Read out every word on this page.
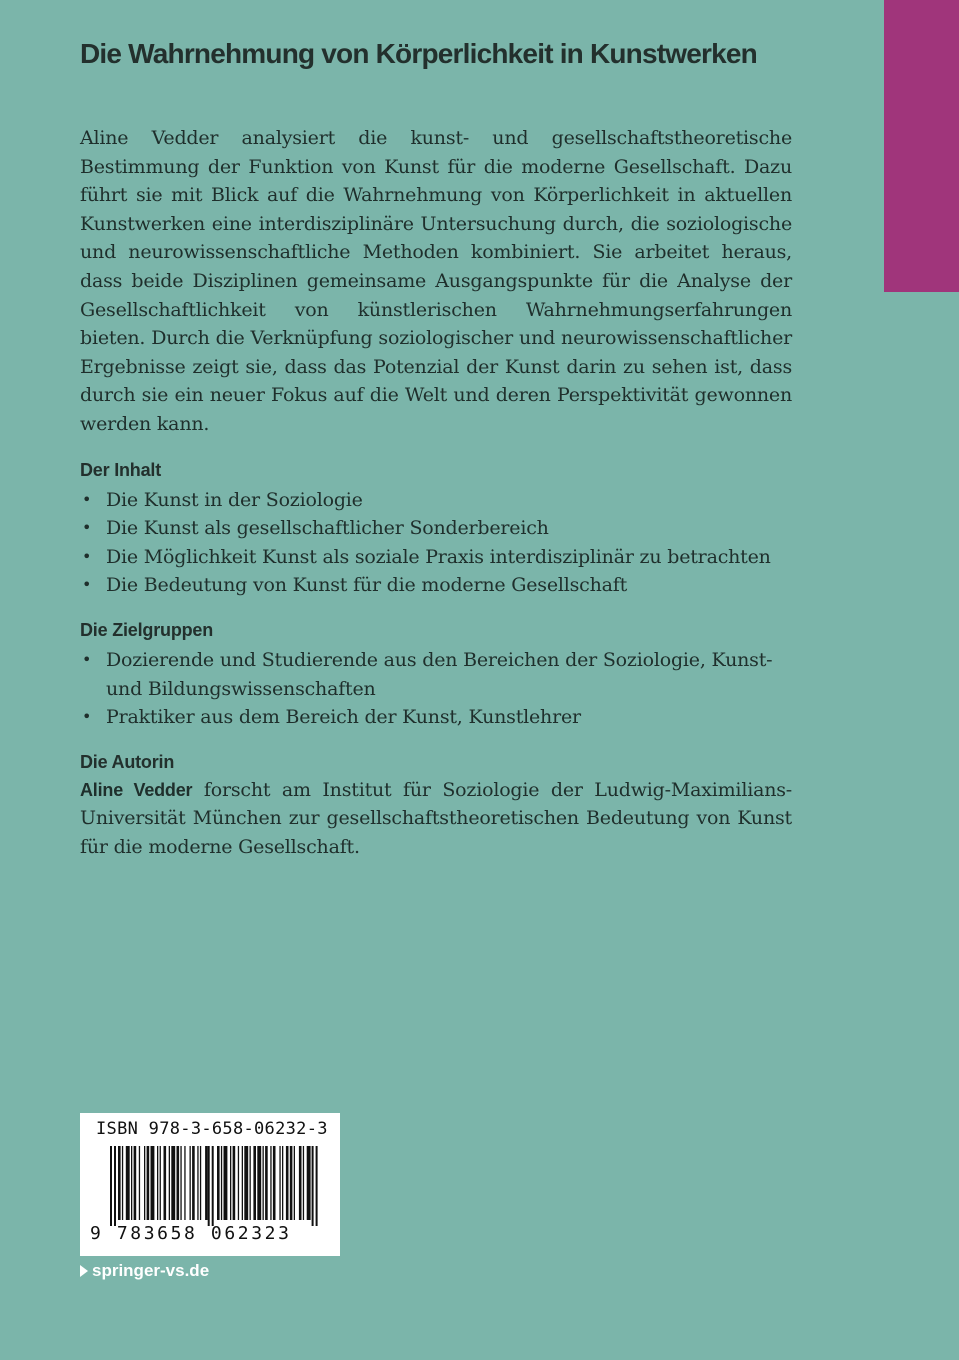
Die Wahrnehmung von Körperlichkeit in Kunstwerken

Aline Vedder analysiert die kunst- und gesellschaftstheoretische Bestimmung der Funktion von Kunst für die moderne Gesellschaft. Dazu führt sie mit Blick auf die Wahrnehmung von Körperlichkeit in aktuellen Kunstwerken eine interdisziplinäre Untersuchung durch, die soziologische und neurowissenschaftliche Methoden kombiniert. Sie arbeitet heraus, dass beide Disziplinen gemeinsame Ausgangspunkte für die Analyse der Gesellschaftlichkeit von künstlerischen Wahrnehmungserfahrungen bieten. Durch die Verknüpfung soziologischer und neurowissenschaftlicher Ergebnisse zeigt sie, dass das Potenzial der Kunst darin zu sehen ist, dass durch sie ein neuer Fokus auf die Welt und deren Perspektivität gewonnen werden kann.

Der Inhalt
• Die Kunst in der Soziologie
• Die Kunst als gesellschaftlicher Sonderbereich
• Die Möglichkeit Kunst als soziale Praxis interdisziplinär zu betrachten
• Die Bedeutung von Kunst für die moderne Gesellschaft
Die Zielgruppen
• Dozierende und Studierende aus den Bereichen der Soziologie, Kunst- und Bildungswissenschaften
• Praktiker aus dem Bereich der Kunst, Kunstlehrer
Die Autorin

Aline Vedder forscht am Institut für Soziologie der Ludwig-Maximilians-Universität München zur gesellschaftstheoretischen Bedeutung von Kunst für die moderne Gesellschaft.

ISBN 978-3-658-06232-3
9 783658 062323
springer-vs.de
